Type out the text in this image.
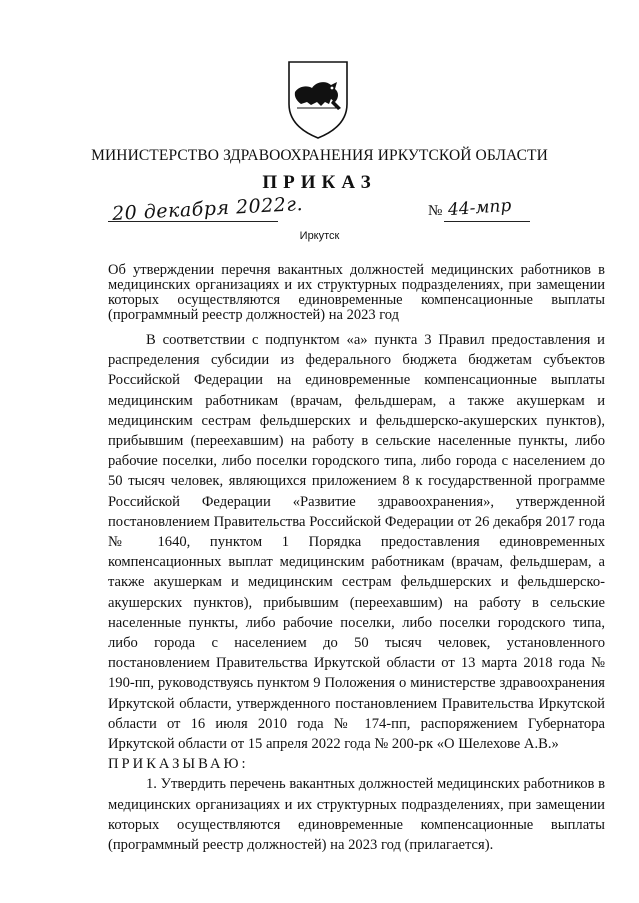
МИНИСТЕРСТВО ЗДРАВООХРАНЕНИЯ ИРКУТСКОЙ ОБЛАСТИ
ПРИКАЗ
20 декабря 2022г.	№ 44-мпр
Иркутск
Об утверждении перечня вакантных должностей медицинских работников в медицинских организациях и их структурных подразделениях, при замещении которых осуществляются единовременные компенсационные выплаты (программный реестр должностей) на 2023 год

В соответствии с подпунктом «а» пункта 3 Правил предоставления и распределения субсидии из федерального бюджета бюджетам субъектов Российской Федерации на единовременные компенсационные выплаты медицинским работникам (врачам, фельдшерам, а также акушеркам и медицинским сестрам фельдшерских и фельдшерско-акушерских пунктов), прибывшим (переехавшим) на работу в сельские населенные пункты, либо рабочие поселки, либо поселки городского типа, либо города с населением до 50 тысяч человек, являющихся приложением 8 к государственной программе Российской Федерации «Развитие здравоохранения», утвержденной постановлением Правительства Российской Федерации от 26 декабря 2017 года № 1640, пунктом 1 Порядка предоставления единовременных компенсационных выплат медицинским работникам (врачам, фельдшерам, а также акушеркам и медицинским сестрам фельдшерских и фельдшерско-акушерских пунктов), прибывшим (переехавшим) на работу в сельские населенные пункты, либо рабочие поселки, либо поселки городского типа, либо города с населением до 50 тысяч человек, установленного постановлением Правительства Иркутской области от 13 марта 2018 года № 190-пп, руководствуясь пунктом 9 Положения о министерстве здравоохранения Иркутской области, утвержденного постановлением Правительства Иркутской области от 16 июля 2010 года № 174-пп, распоряжением Губернатора Иркутской области от 15 апреля 2022 года № 200-рк «О Шелехове А.В.»

ПРИКАЗЫВАЮ:

1. Утвердить перечень вакантных должностей медицинских работников в медицинских организациях и их структурных подразделениях, при замещении которых осуществляются единовременные компенсационные выплаты (программный реестр должностей) на 2023 год (прилагается).
